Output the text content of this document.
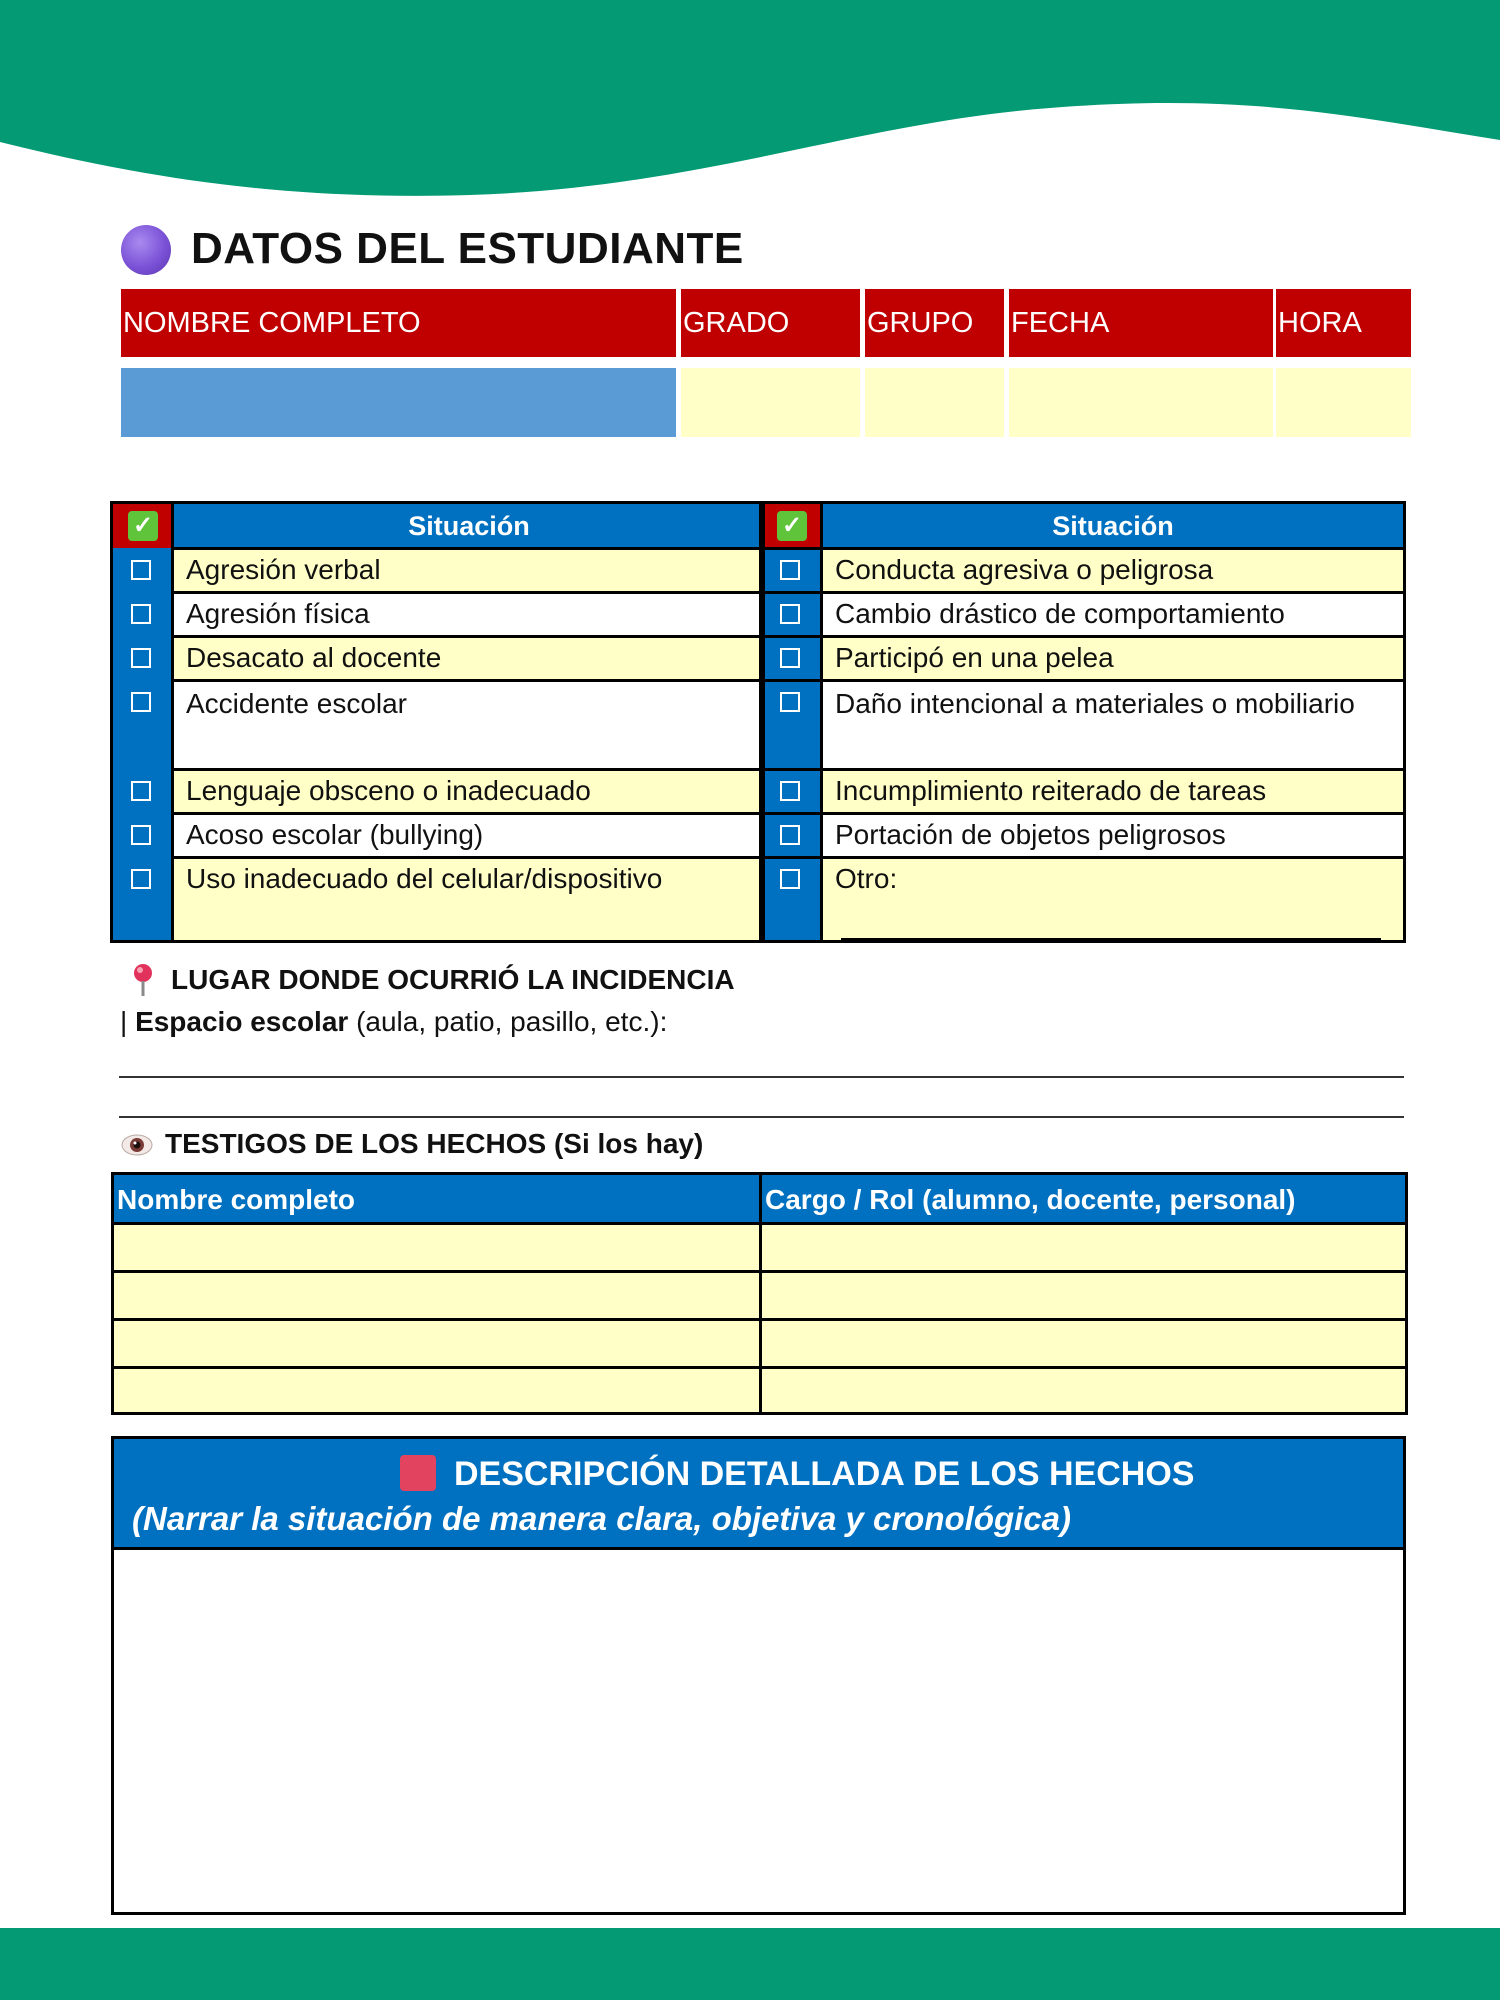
DATOS DEL ESTUDIANTE
NOMBRE COMPLETO	GRADO	GRUPO	FECHA	HORA
✓	Situación	✓	Situación
Agresión verbal	Conducta agresiva o peligrosa
Agresión física	Cambio drástico de comportamiento
Desacato al docente	Participó en una pelea
Accidente escolar	Daño intencional a materiales o mobiliario
Lenguaje obsceno o inadecuado	Incumplimiento reiterado de tareas
Acoso escolar (bullying)	Portación de objetos peligrosos
Uso inadecuado del celular/dispositivo	Otro:
LUGAR DONDE OCURRIÓ LA INCIDENCIA
| Espacio escolar (aula, patio, pasillo, etc.):
TESTIGOS DE LOS HECHOS (Si los hay)
Nombre completo	Cargo / Rol (alumno, docente, personal)
DESCRIPCIÓN DETALLADA DE LOS HECHOS
(Narrar la situación de manera clara, objetiva y cronológica)
